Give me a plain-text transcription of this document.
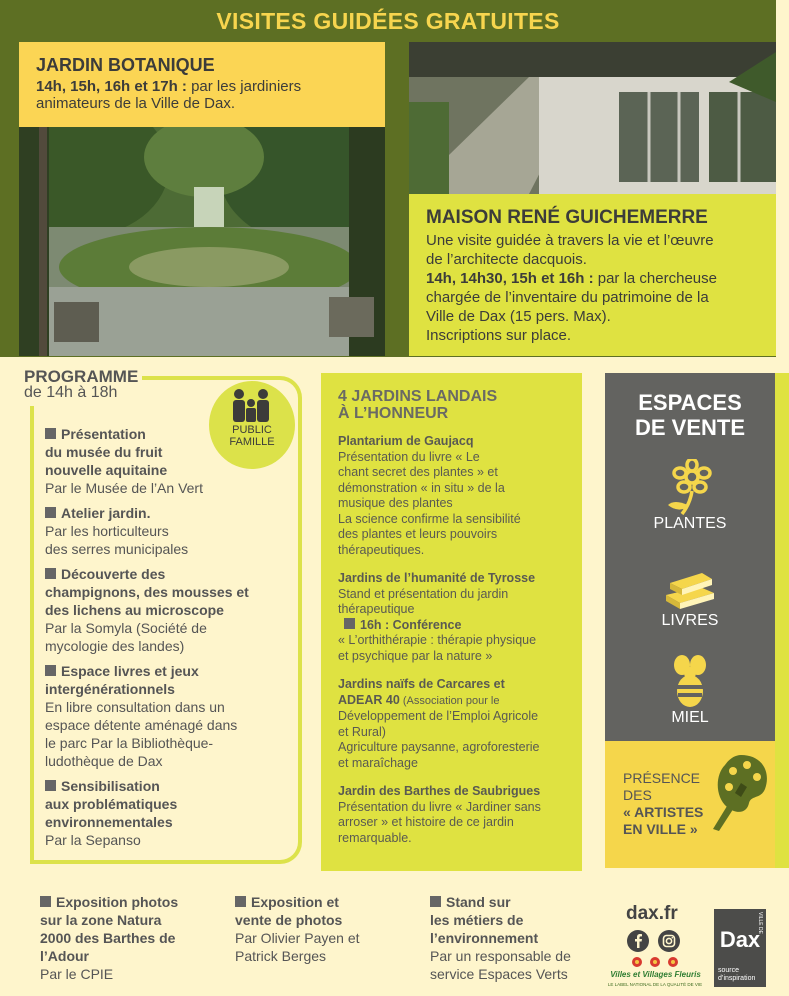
VISITES GUIDÉES GRATUITES
JARDIN BOTANIQUE

14h, 15h, 16h et 17h : par les jardiniers
animateurs de la Ville de Dax.

MAISON RENÉ GUICHEMERRE

Une visite guidée à travers la vie et l’œuvre
de l’architecte dacquois.
14h, 14h30, 15h et 16h : par la chercheuse
chargée de l’inventaire du patrimoine de la
Ville de Dax (15 pers. Max).
Inscriptions sur place.

PROGRAMME
de 14h à 18h
PUBLIC
FAMILLE
Présentation
du musée du fruit
nouvelle aquitaine
Par le Musée de l’An Vert
Atelier jardin.
Par les horticulteurs
des serres municipales
Découverte des
champignons, des mousses et
des lichens au microscope
Par la Somyla (Société de
mycologie des landes)
Espace livres et jeux
intergénérationnels
En libre consultation dans un
espace détente aménagé dans
le parc Par la Bibliothèque-
ludothèque de Dax
Sensibilisation
aux problématiques
environnementales
Par la Sepanso
4 JARDINS LANDAIS
À L’HONNEUR
Plantarium de Gaujacq
Présentation du livre « Le
chant secret des plantes » et
démonstration « in situ » de la
musique des plantes
La science confirme la sensibilité
des plantes et leurs pouvoirs
thérapeutiques.
Jardins de l’humanité de Tyrosse
Stand et présentation du jardin
thérapeutique
16h : Conférence
« L’orthithérapie : thérapie physique
et psychique par la nature »
Jardins naïfs de Carcares et
ADEAR 40 (Association pour le
Développement de l’Emploi Agricole
et Rural)
Agriculture paysanne, agroforesterie
et maraîchage
Jardin des Barthes de Saubrigues
Présentation du livre « Jardiner sans
arroser » et histoire de ce jardin
remarquable.
ESPACES
DE VENTE
PLANTES
LIVRES
MIEL
PRÉSENCE
DES
« ARTISTES
EN VILLE »
Exposition photos
sur la zone Natura
2000 des Barthes de
l’Adour
Par le CPIE
Exposition et
vente de photos
Par Olivier Payen et
Patrick Berges
Stand sur
les métiers de
l’environnement
Par un responsable de
service Espaces Verts
dax.fr
Villes et Villages Fleuris
LE LABEL NATIONAL DE LA QUALITÉ DE VIE
VILLE DE
Dax
source
d’inspiration
